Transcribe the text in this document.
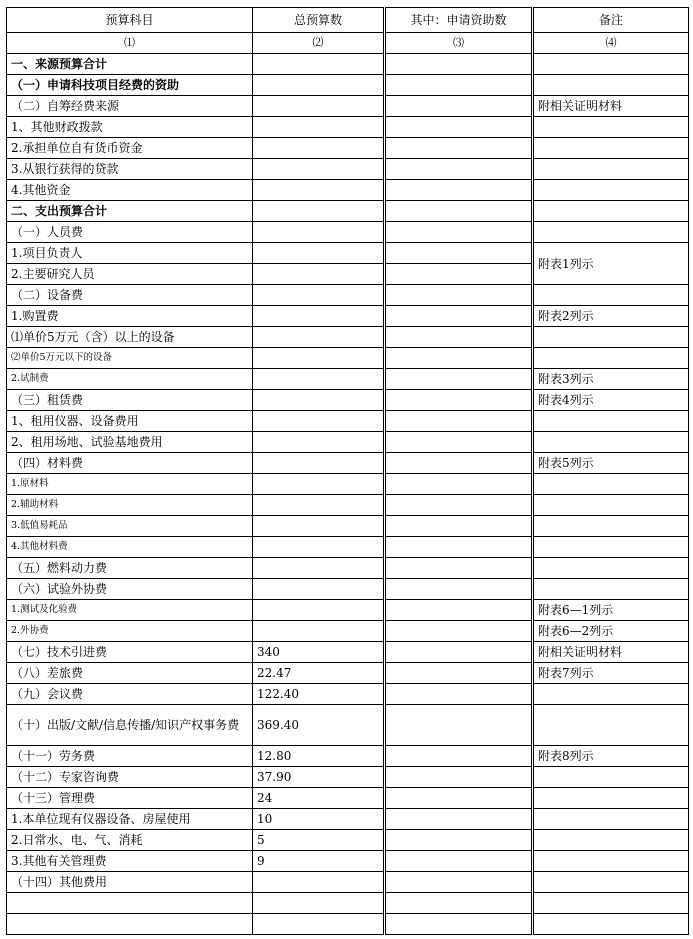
预算科目	总预算数	其中：申请资助数	备注
⑴	⑵	⑶	⑷
一、来源预算合计			
（一）申请科技项目经费的资助			
（二）自筹经费来源			附相关证明材料
1、其他财政拨款			
2.承担单位自有货币资金			
3.从银行获得的贷款			
4.其他资金			
二、支出预算合计			
（一）人员费			
1.项目负责人			附表1列示
2.主要研究人员			
（二）设备费			
1.购置费			附表2列示
⑴单价5万元（含）以上的设备			
⑵单价5万元以下的设备			
2.试制费			附表3列示
（三）租赁费			附表4列示
1、租用仪器、设备费用			
2、租用场地、试验基地费用			
（四）材料费			附表5列示
1.原材料			
2.辅助材料			
3.低值易耗品			
4.其他材料费			
（五）燃料动力费			
（六）试验外协费			
1.测试及化验费			附表6—1列示
2.外协费			附表6—2列示
（七）技术引进费	340		附相关证明材料
（八）差旅费	22.47		附表7列示
（九）会议费	122.40		
（十）出版/文献/信息传播/知识产权事务费	369.40		
（十一）劳务费	12.80		附表8列示
（十二）专家咨询费	37.90		
（十三）管理费	24		
1.本单位现有仪器设备、房屋使用	10		
2.日常水、电、气、消耗	5		
3.其他有关管理费	9		
（十四）其他费用			
